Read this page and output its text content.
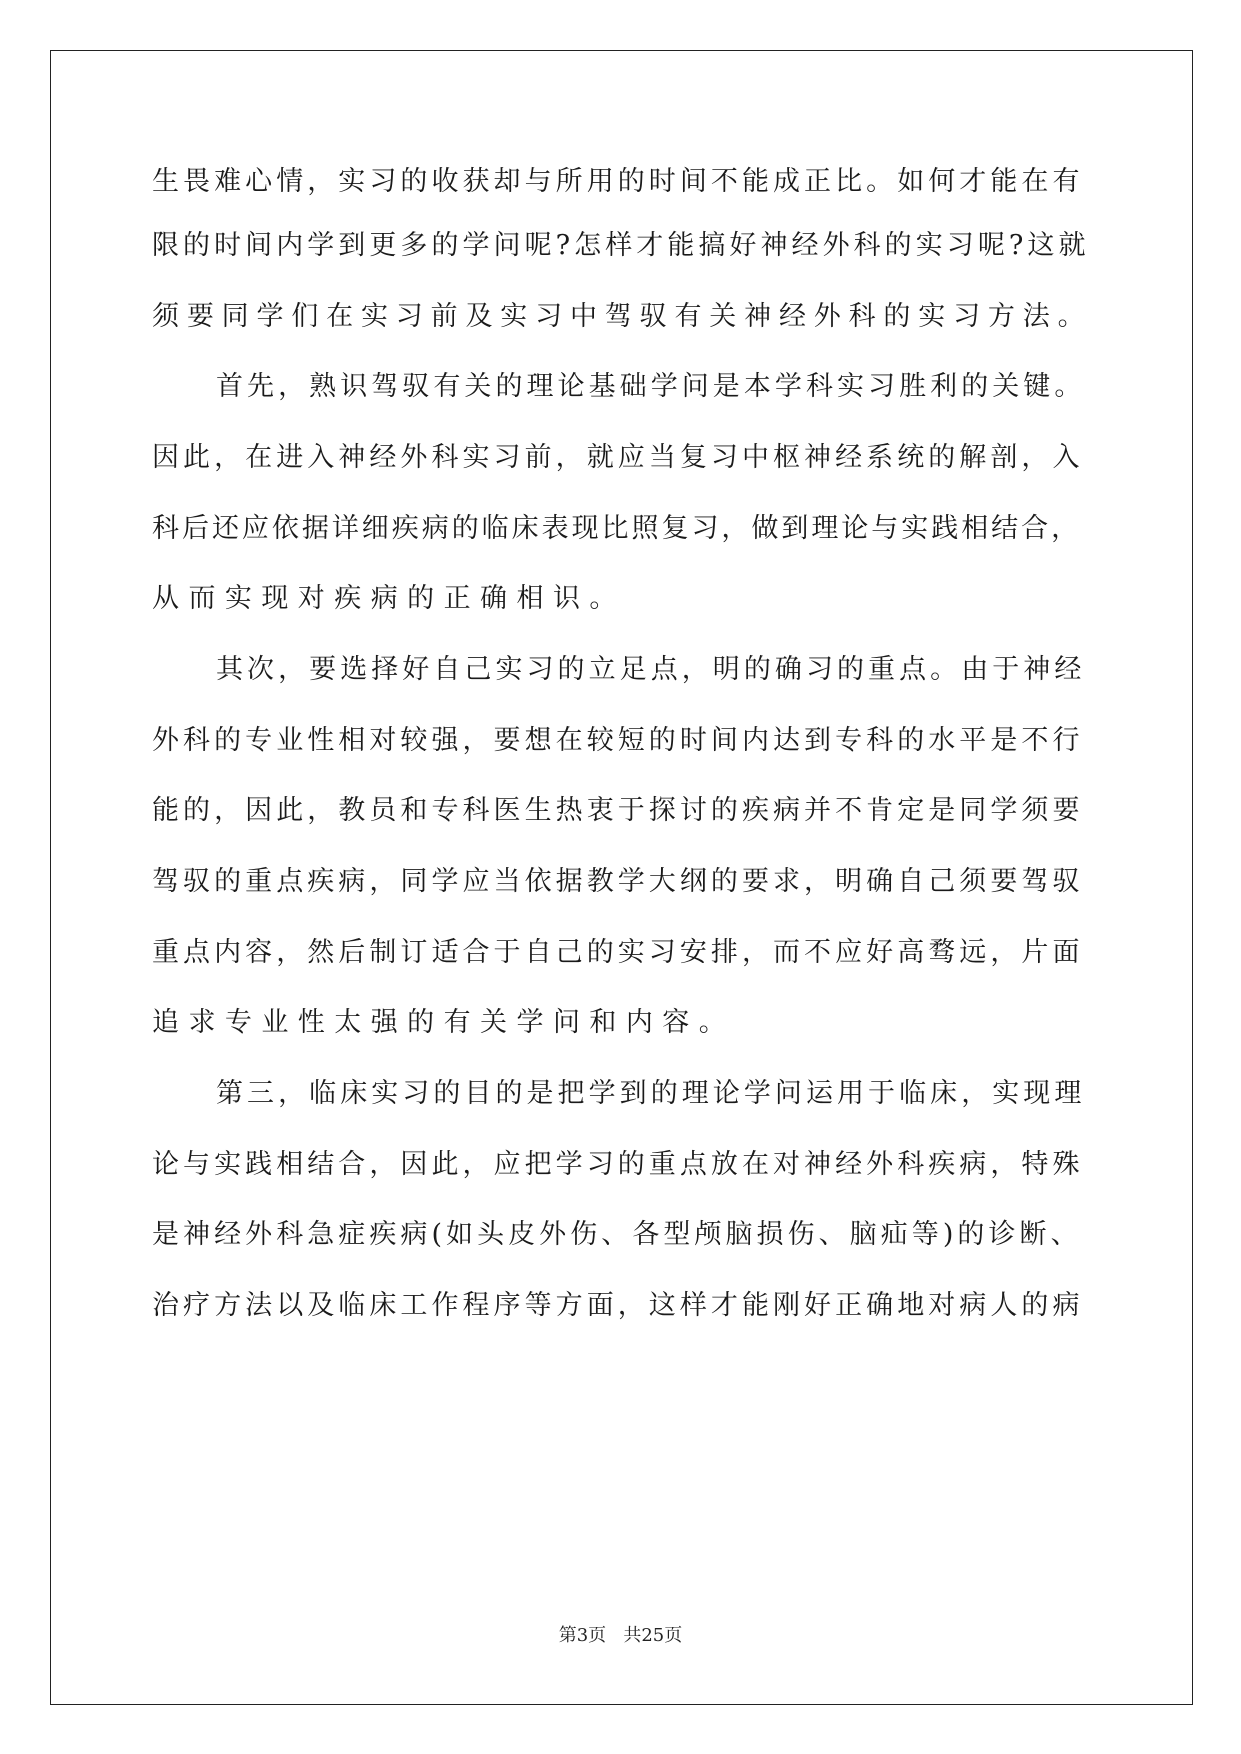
生畏难心情，实习的收获却与所用的时间不能成正比。如何才能在有
限的时间内学到更多的学问呢?怎样才能搞好神经外科的实习呢?这就
须要同学们在实习前及实习中驾驭有关神经外科的实习方法。
首先，熟识驾驭有关的理论基础学问是本学科实习胜利的关键。
因此，在进入神经外科实习前，就应当复习中枢神经系统的解剖，入
科后还应依据详细疾病的临床表现比照复习，做到理论与实践相结合，
从而实现对疾病的正确相识。
其次，要选择好自己实习的立足点，明的确习的重点。由于神经
外科的专业性相对较强，要想在较短的时间内达到专科的水平是不行
能的，因此，教员和专科医生热衷于探讨的疾病并不肯定是同学须要
驾驭的重点疾病，同学应当依据教学大纲的要求，明确自己须要驾驭
重点内容，然后制订适合于自己的实习安排，而不应好高骛远，片面
追求专业性太强的有关学问和内容。
第三，临床实习的目的是把学到的理论学问运用于临床，实现理
论与实践相结合，因此，应把学习的重点放在对神经外科疾病，特殊
是神经外科急症疾病(如头皮外伤、各型颅脑损伤、脑疝等)的诊断、
治疗方法以及临床工作程序等方面，这样才能刚好正确地对病人的病
第3页   共25页
